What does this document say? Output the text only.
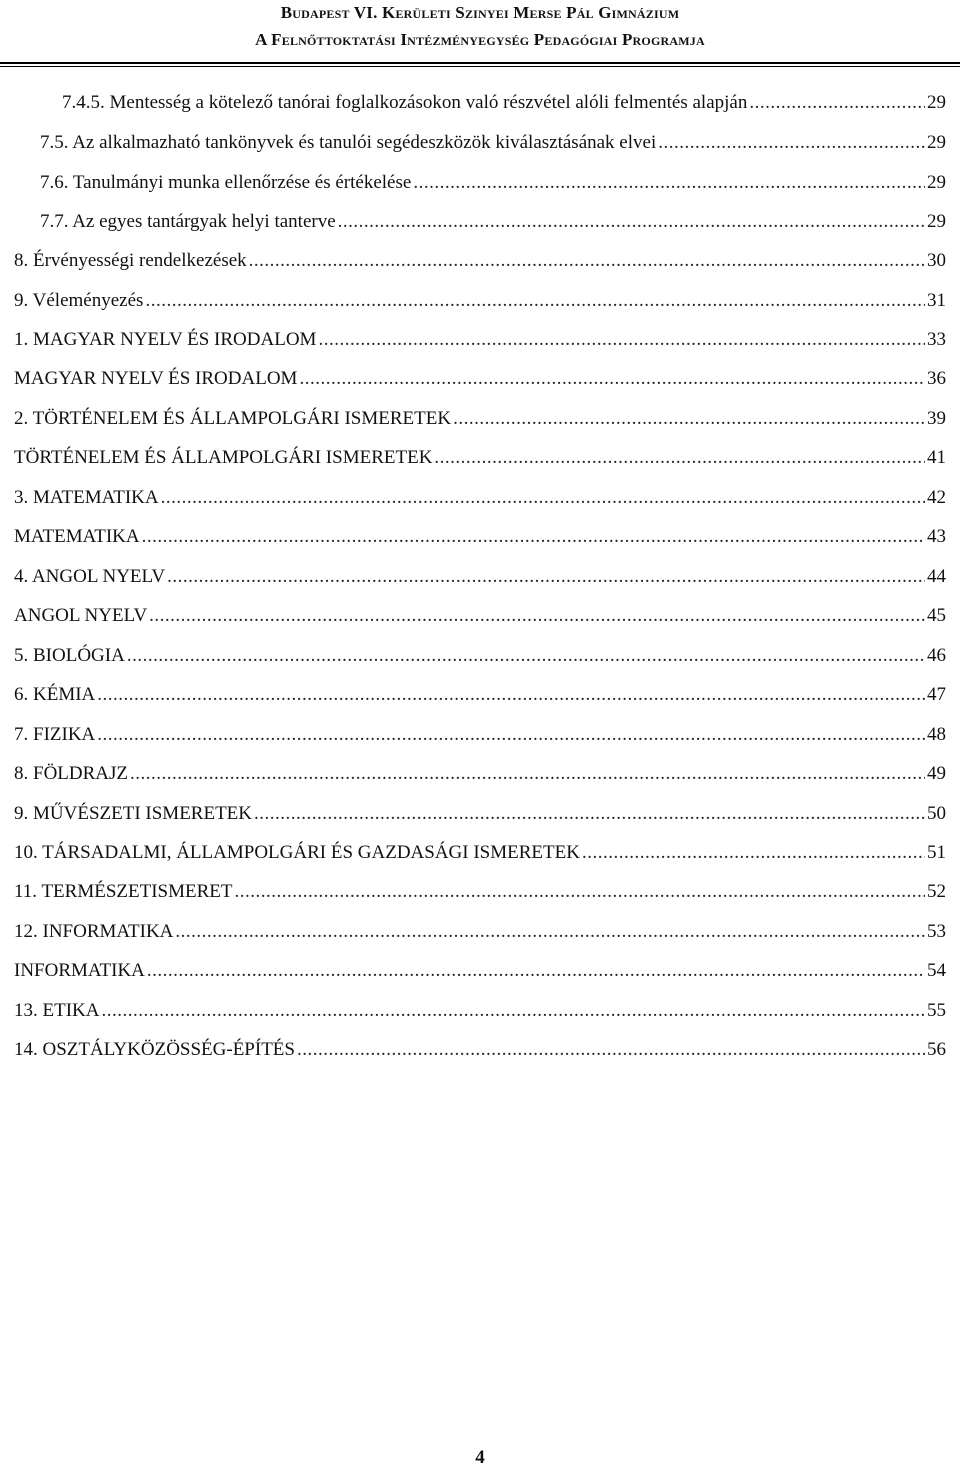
Budapest VI. Kerületi Szinyei Merse Pál Gimnázium
A Felnőttoktatási Intézményegység Pedagógiai Programja
7.4.5. Mentesség a kötelező tanórai foglalkozásokon való részvétel alóli felmentés alapján .....	29
7.5. Az alkalmazható tankönyvek és tanulói segédeszközök kiválasztásának elvei .....	29
7.6. Tanulmányi munka ellenőrzése és értékelése .....	29
7.7. Az egyes tantárgyak helyi tanterve .....	29
8. Érvényességi rendelkezések .....	30
9. Véleményezés .....	31
1. MAGYAR NYELV ÉS IRODALOM .....	33
MAGYAR NYELV ÉS IRODALOM .....	36
2. TÖRTÉNELEM ÉS ÁLLAMPOLGÁRI ISMERETEK .....	39
TÖRTÉNELEM ÉS ÁLLAMPOLGÁRI ISMERETEK .....	41
3. MATEMATIKA .....	42
MATEMATIKA .....	43
4. ANGOL NYELV .....	44
ANGOL NYELV .....	45
5. BIOLÓGIA .....	46
6. KÉMIA .....	47
7. FIZIKA .....	48
8. FÖLDRAJZ .....	49
9. MŰVÉSZETI ISMERETEK .....	50
10. TÁRSADALMI, ÁLLAMPOLGÁRI ÉS GAZDASÁGI ISMERETEK .....	51
11. TERMÉSZETISMERET .....	52
12. INFORMATIKA .....	53
INFORMATIKA .....	54
13. ETIKA .....	55
14. OSZTÁLYKÖZÖSSÉG-ÉPÍTÉS .....	56
4
